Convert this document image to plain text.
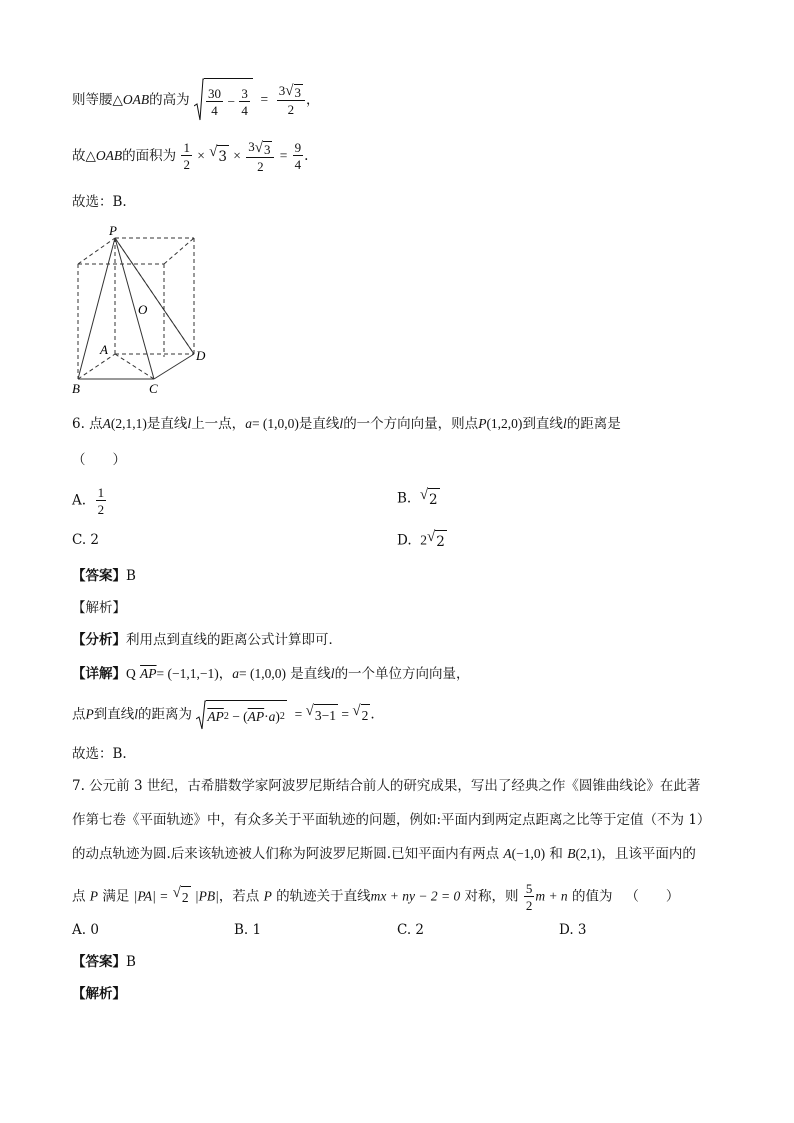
则等腰△OAB的高为 $\frac{30}{4} - \frac{3}{4} = \frac{3 √ 3}{2}$ ，
故△OAB的面积为 $\frac{1}{2}$ × √ $3 \times \frac{3 √ 3}{2} = \frac{9}{4}$ .
故选：B.
P
O
A
B	C
D
6. 点A(2,1,1)是直线l上一点，a= (1,0,0)是直线l的一个方向向量，则点P(1,2,0)到直线l的距离是
（　　）
A. $\frac{1}{2}$	B. √ 2
C. 2	D. 2 √ 2
【答案】B
【解析】
【分析】利用点到直线的距离公式计算即可．
【详解】Q $\overline{AP}= (-1,1,-1)$，a= (1,0,0) 是直线l的一个单位方向向量，
点P到直线l的距离为 $\overline{AP}$ 2 − ( $\overline{AP} \cdot a$ ) 2 = √ 3−1 = √ 2 .
故选：B.
7. 公元前 3 世纪，古希腊数学家阿波罗尼斯结合前人的研究成果，写出了经典之作《圆锥曲线论》在此著
作第七卷《平面轨迹》中，有众多关于平面轨迹的问题，例如:平面内到两定点距离之比等于定值（不为 1）
的动点轨迹为圆.后来该轨迹被人们称为阿波罗尼斯圆.已知平面内有两点 A(−1,0) 和 B(2,1)，且该平面内的
点 P 满足 |PA| = √ 2 |PB|，若点 P 的轨迹关于直线mx + ny − 2 = 0 对称，则 $\frac{5}{2}$ m + n 的值为 （　　）
A. 0	B. 1	C. 2	D. 3
【答案】B
【解析】
